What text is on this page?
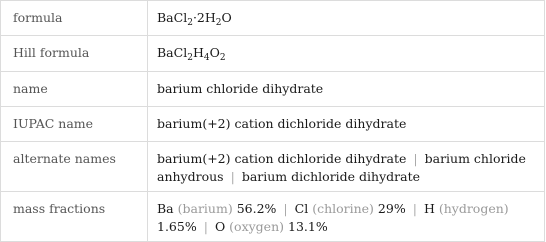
formula	$BaCl_2\cdot 2H_2O$
Hill formula	$BaCl_2H_4O_2$
name	barium chloride dihydrate
IUPAC name	barium(+2) cation dichloride dihydrate
alternate names	barium(+2) cation dichloride dihydrate | barium chloride anhydrous | barium dichloride dihydrate
mass fractions	Ba (barium) 56.2% | Cl (chlorine) 29% | H (hydrogen) 1.65% | O (oxygen) 13.1%
